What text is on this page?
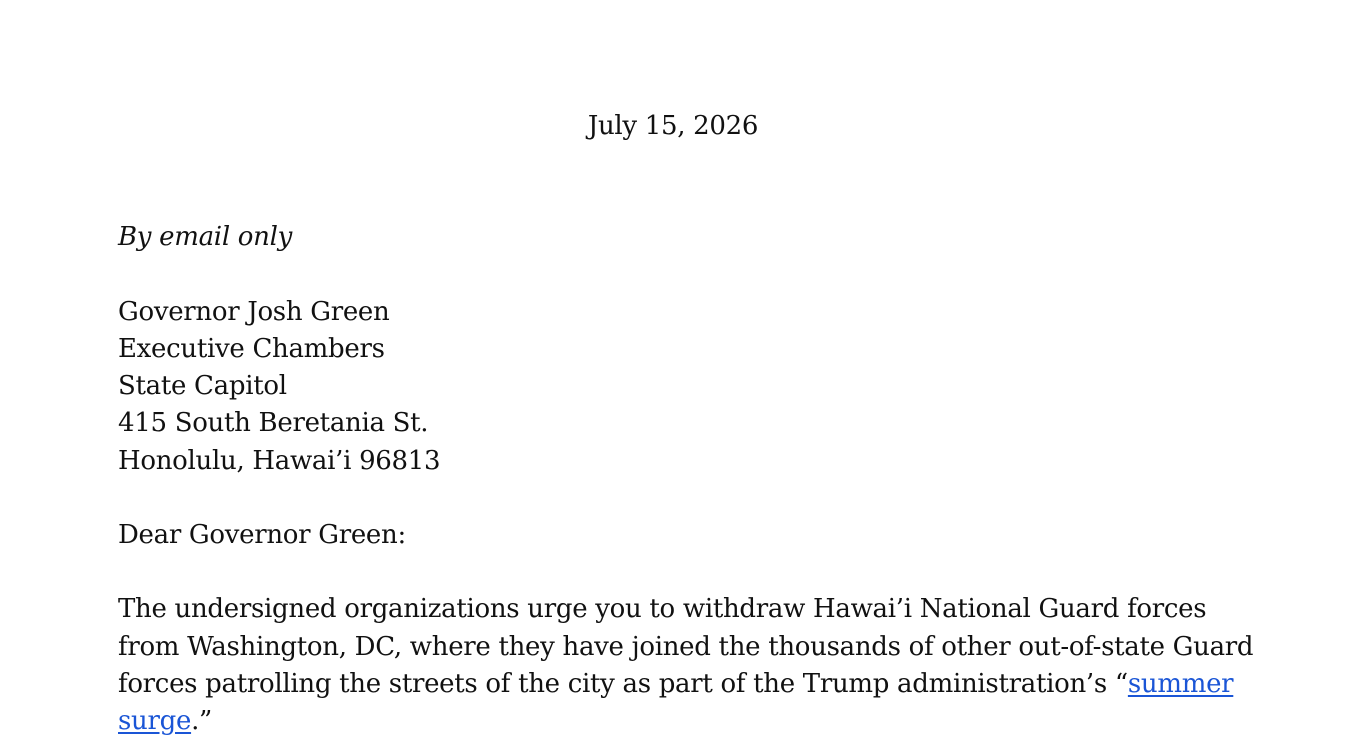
July 15, 2026
By email only
Governor Josh Green
Executive Chambers
State Capitol
415 South Beretania St.
Honolulu, Hawai’i 96813
Dear Governor Green:
The undersigned organizations urge you to withdraw Hawai’i National Guard forces
from Washington, DC, where they have joined the thousands of other out-of-state Guard
forces patrolling the streets of the city as part of the Trump administration’s “summer
surge.”
